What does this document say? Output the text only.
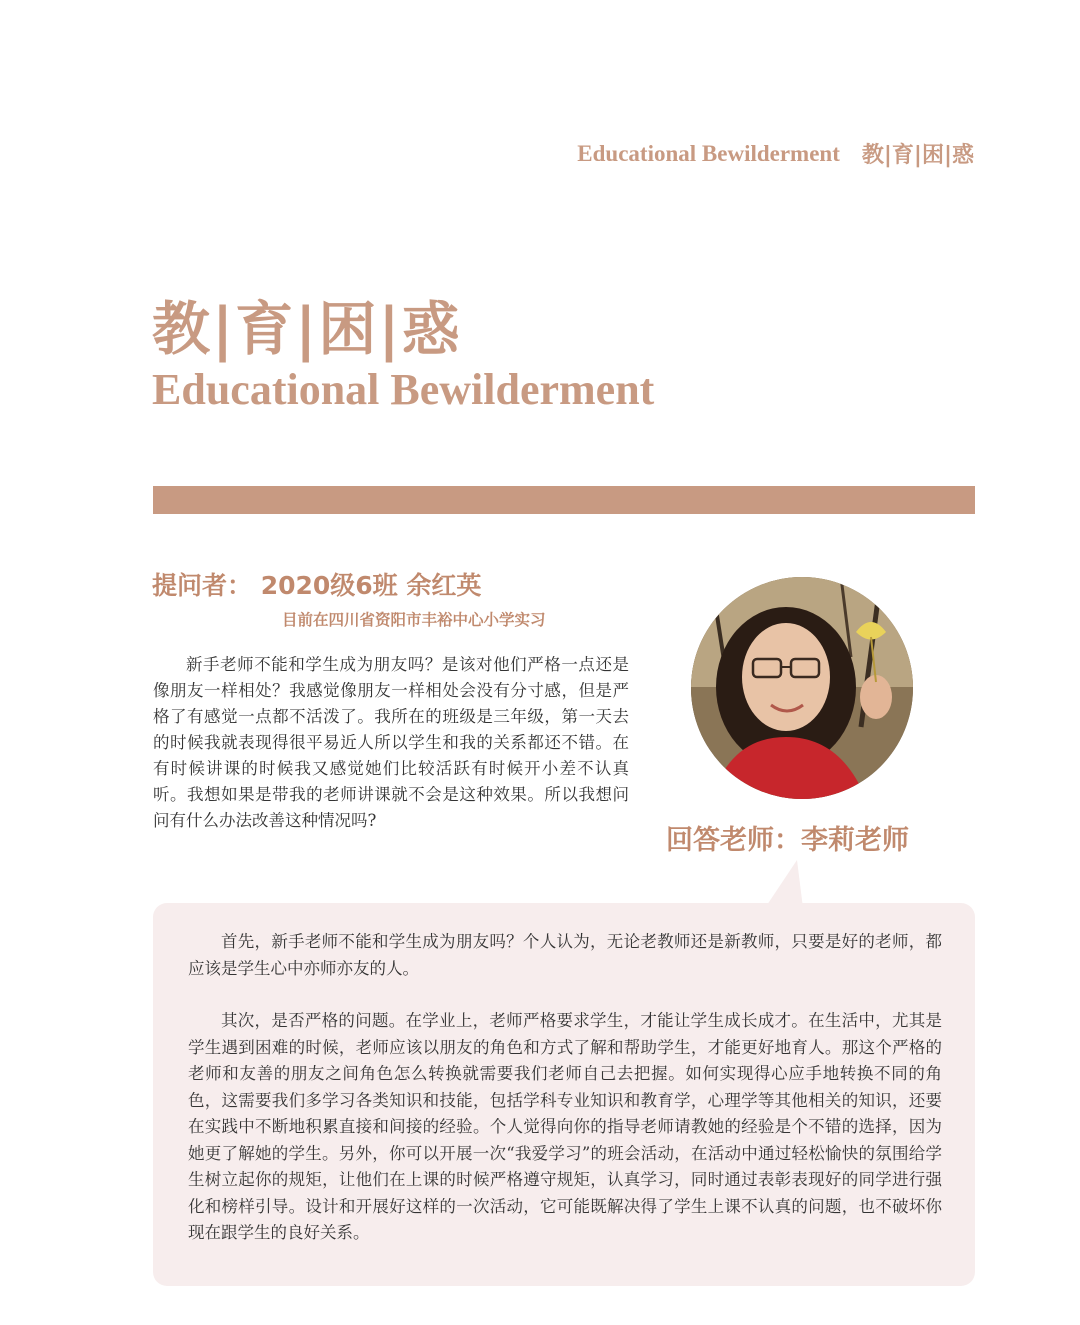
Educational Bewilderment 教|育|困|惑
教|育|困|惑
Educational Bewilderment
提问者： 2020级6班 余红英
目前在四川省资阳市丰裕中心小学实习

新手老师不能和学生成为朋友吗？是该对他们严格一点还是像朋友一样相处？我感觉像朋友一样相处会没有分寸感，但是严格了有感觉一点都不活泼了。我所在的班级是三年级，第一天去的时候我就表现得很平易近人所以学生和我的关系都还不错。在有时候讲课的时候我又感觉她们比较活跃有时候开小差不认真听。我想如果是带我的老师讲课就不会是这种效果。所以我想问问有什么办法改善这种情况吗?

回答老师：李莉老师

首先，新手老师不能和学生成为朋友吗？个人认为，无论老教师还是新教师，只要是好的老师，都应该是学生心中亦师亦友的人。

其次，是否严格的问题。在学业上，老师严格要求学生，才能让学生成长成才。在生活中，尤其是学生遇到困难的时候，老师应该以朋友的角色和方式了解和帮助学生，才能更好地育人。那这个严格的老师和友善的朋友之间角色怎么转换就需要我们老师自己去把握。如何实现得心应手地转换不同的角色，这需要我们多学习各类知识和技能，包括学科专业知识和教育学，心理学等其他相关的知识，还要在实践中不断地积累直接和间接的经验。个人觉得向你的指导老师请教她的经验是个不错的选择，因为她更了解她的学生。另外，你可以开展一次“我爱学习”的班会活动，在活动中通过轻松愉快的氛围给学生树立起你的规矩，让他们在上课的时候严格遵守规矩，认真学习，同时通过表彰表现好的同学进行强化和榜样引导。设计和开展好这样的一次活动，它可能既解决得了学生上课不认真的问题，也不破坏你现在跟学生的良好关系。
